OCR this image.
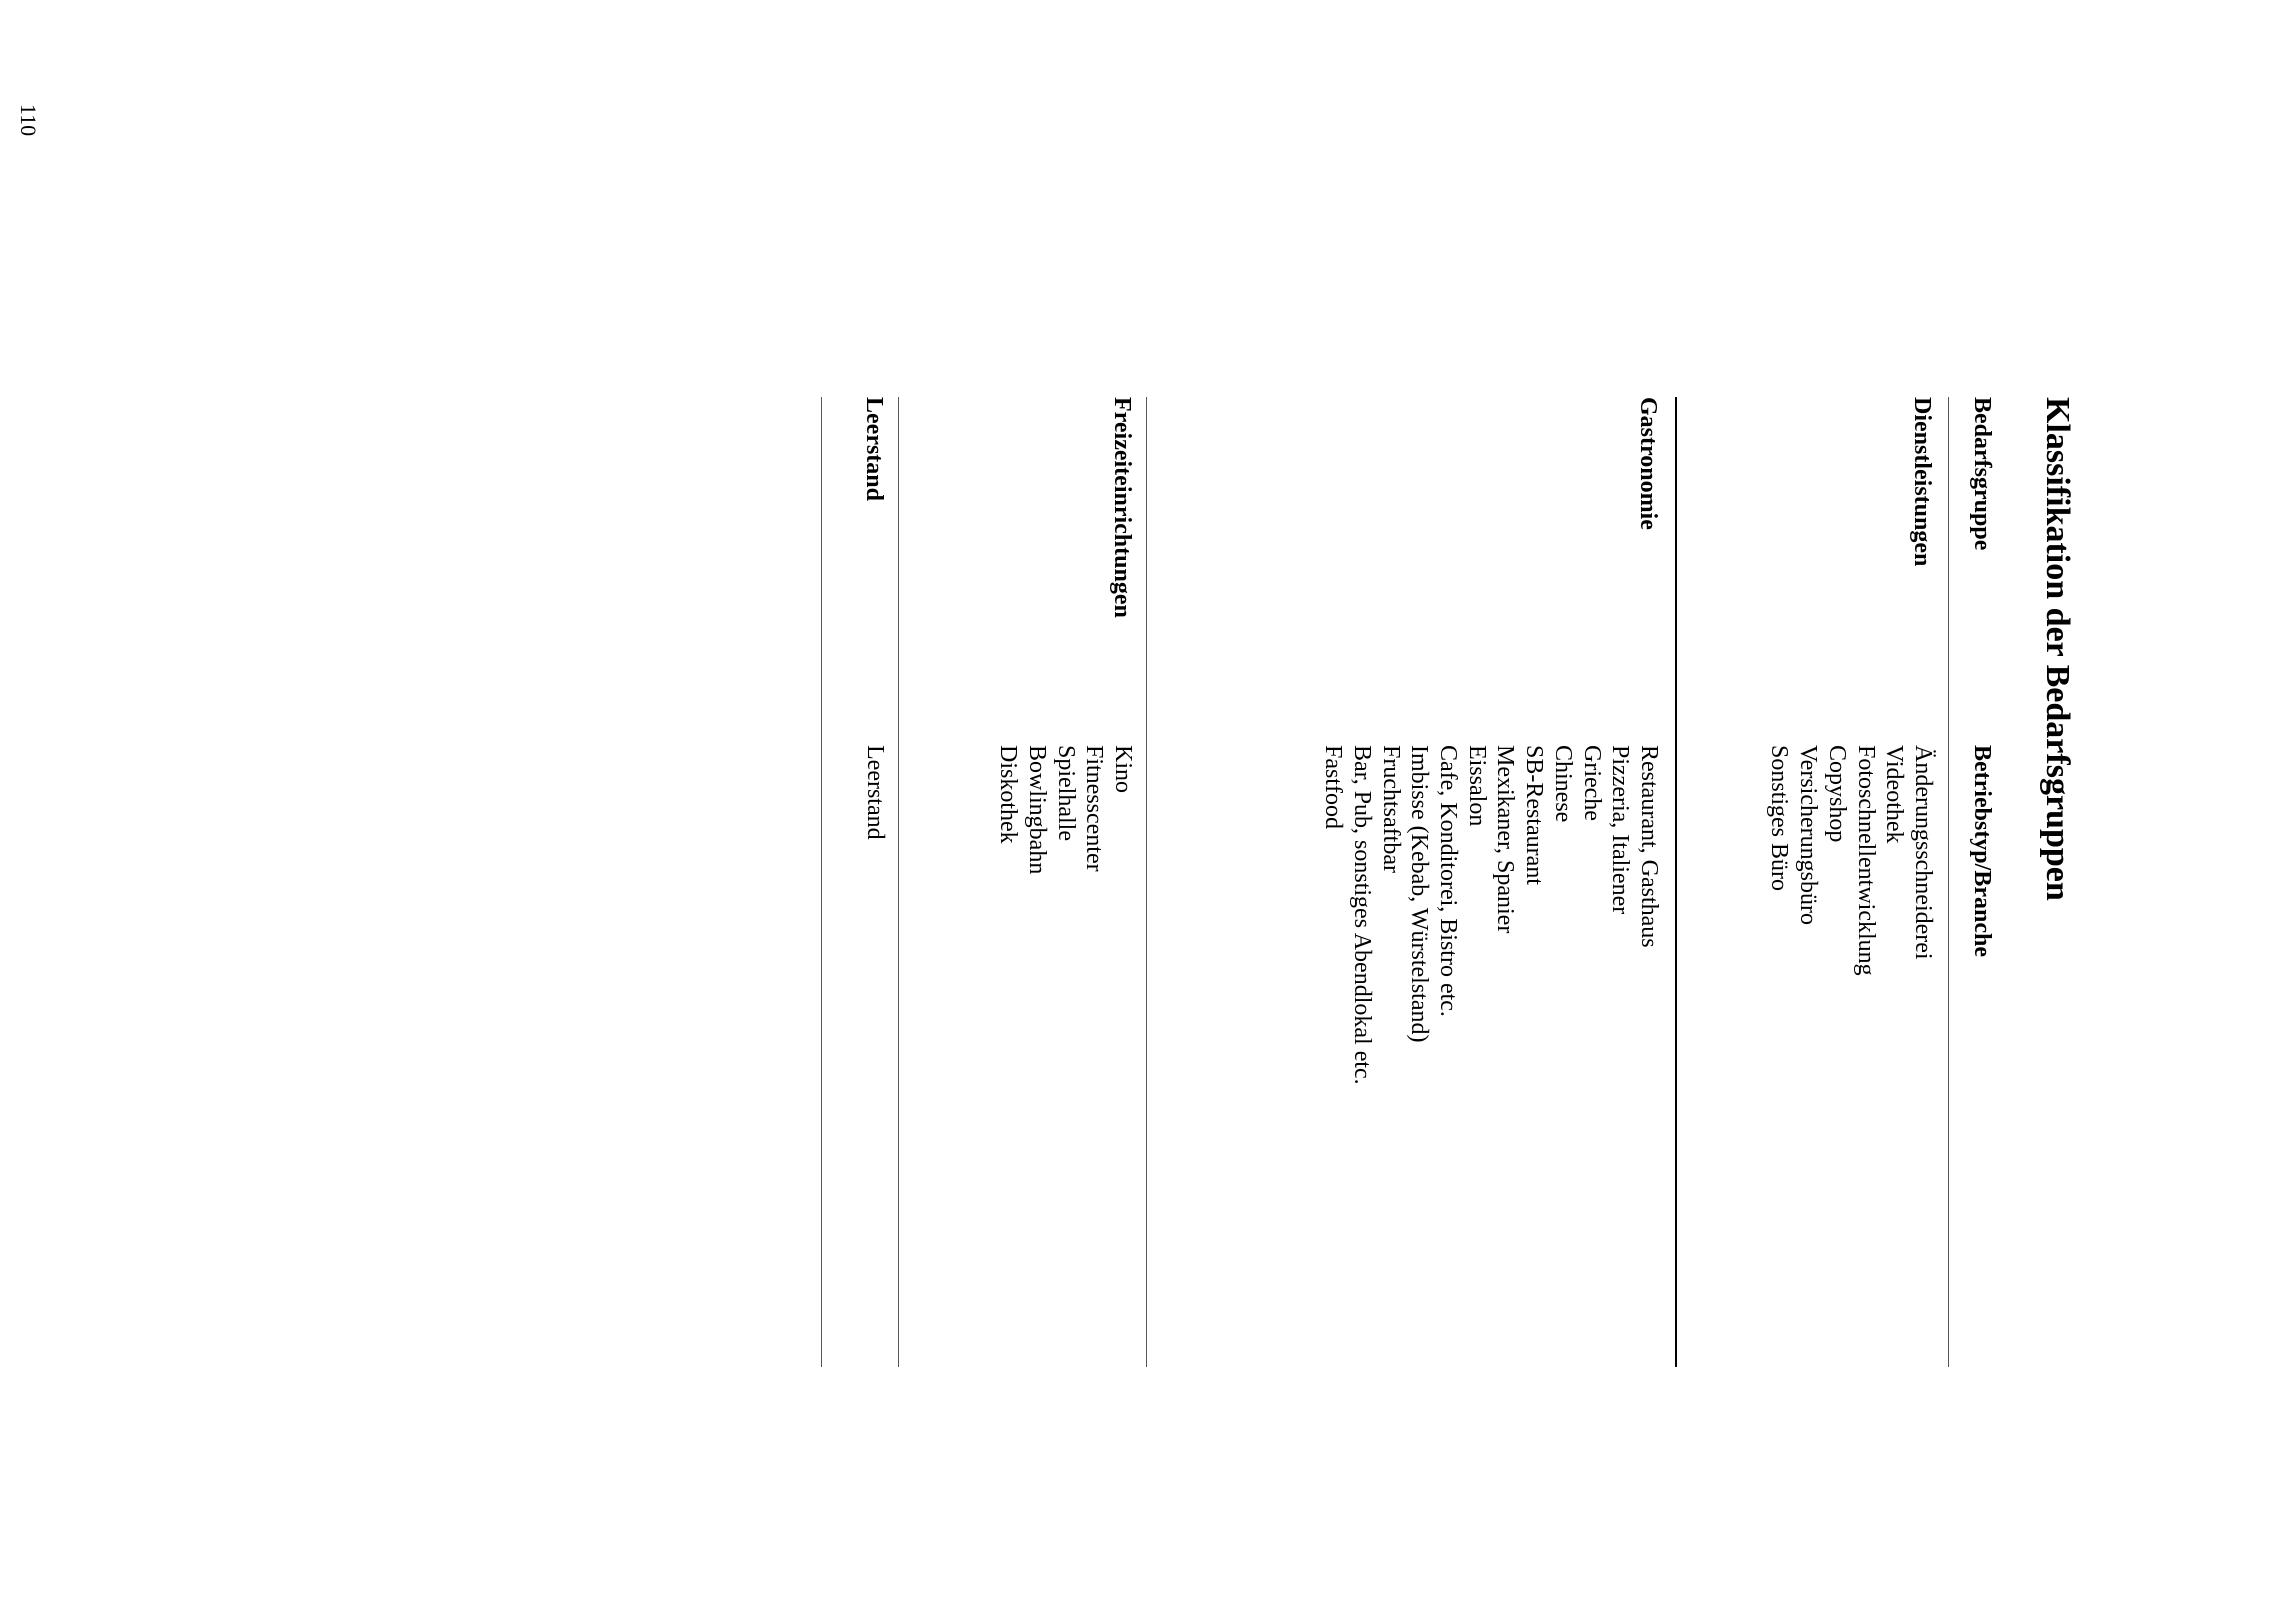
110
Klassifikation der Bedarfsgruppen
Bedarfsgruppe
Betriebstyp/Branche
Dienstleistungen
Änderungsschneiderei
Videothek
Fotoschnellentwicklung
Copyshop
Versicherungsbüro
Sonstiges Büro
Gastronomie
Restaurant, Gasthaus
Pizzeria, Italiener
Grieche
Chinese
SB-Restaurant
Mexikaner, Spanier
Eissalon
Cafe, Konditorei, Bistro etc.
Imbisse (Kebab, Würstelstand)
Fruchtsaftbar
Bar, Pub, sonstiges Abendlokal etc.
Fastfood
Freizeiteinrichtungen
Kino
Fitnesscenter
Spielhalle
Bowlingbahn
Diskothek
Leerstand
Leerstand
